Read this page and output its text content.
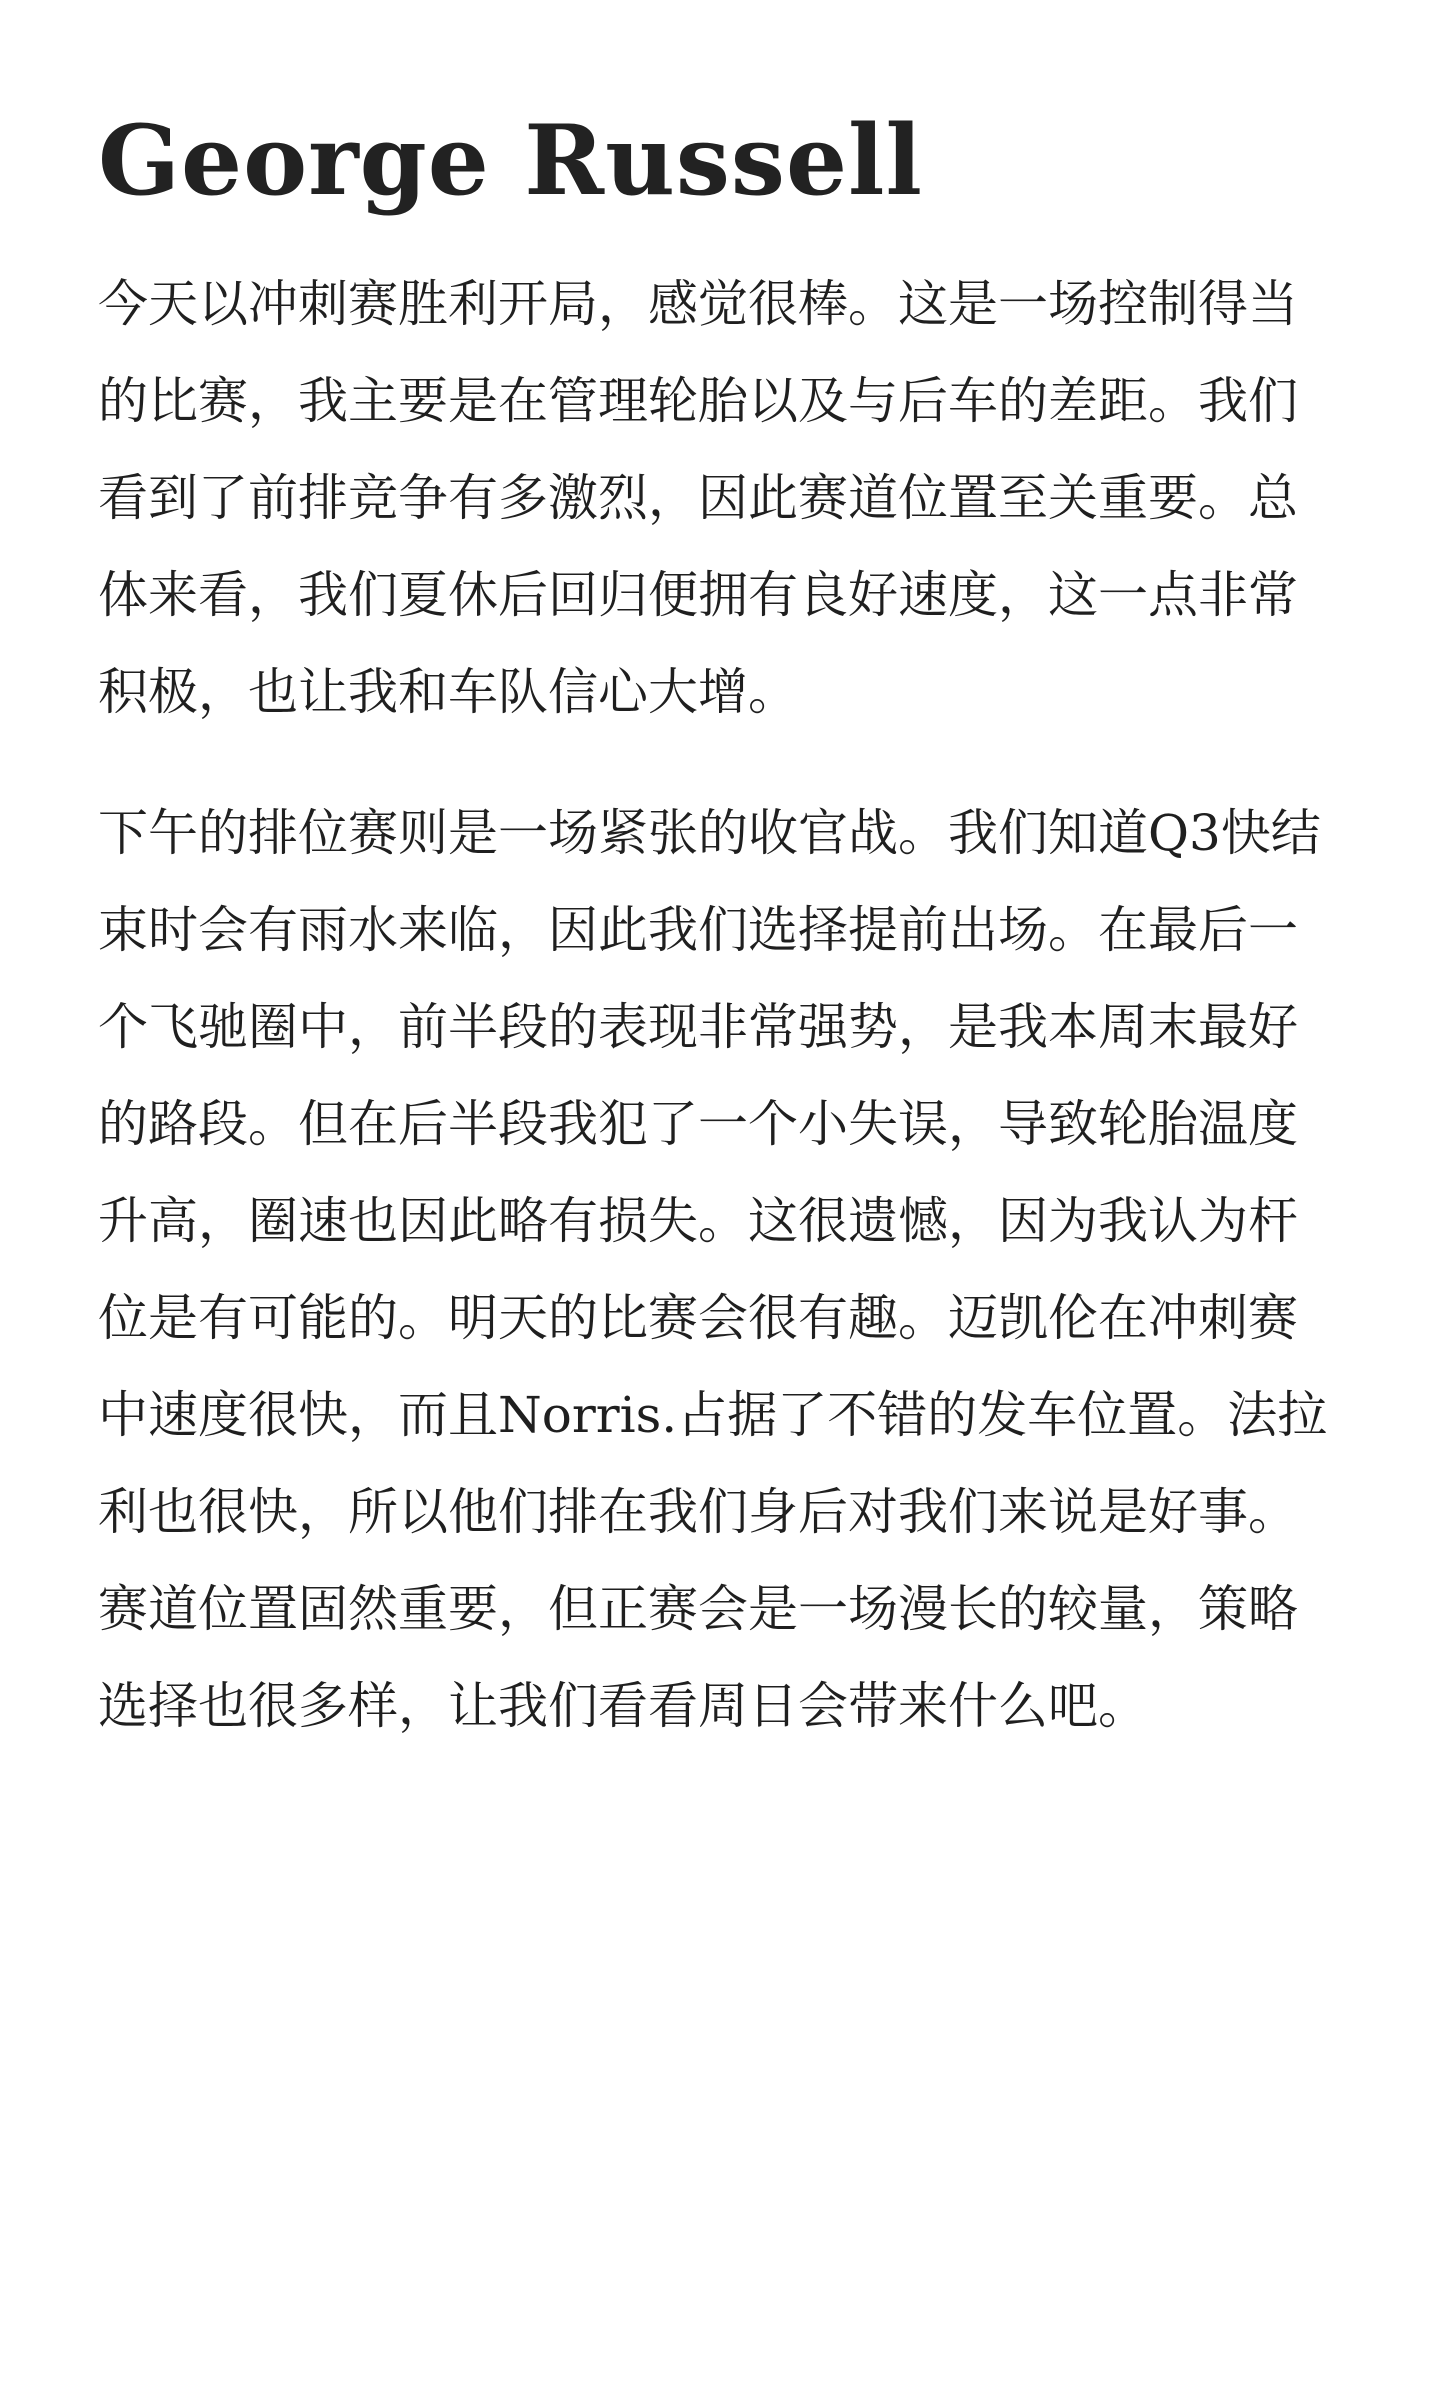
George Russell

今天以冲刺赛胜利开局，感觉很棒。这是一场控制得当的比赛，我主要是在管理轮胎以及与后车的差距。我们看到了前排竞争有多激烈，因此赛道位置至关重要。总体来看，我们夏休后回归便拥有良好速度，这一点非常积极，也让我和车队信心大增。

下午的排位赛则是一场紧张的收官战。我们知道Q3快结束时会有雨水来临，因此我们选择提前出场。在最后一个飞驰圈中，前半段的表现非常强势，是我本周末最好的路段。但在后半段我犯了一个小失误，导致轮胎温度升高，圈速也因此略有损失。这很遗憾，因为我认为杆位是有可能的。明天的比赛会很有趣。迈凯伦在冲刺赛中速度很快，而且Norris.占据了不错的发车位置。法拉利也很快，所以他们排在我们身后对我们来说是好事。赛道位置固然重要，但正赛会是一场漫长的较量，策略选择也很多样，让我们看看周日会带来什么吧。
